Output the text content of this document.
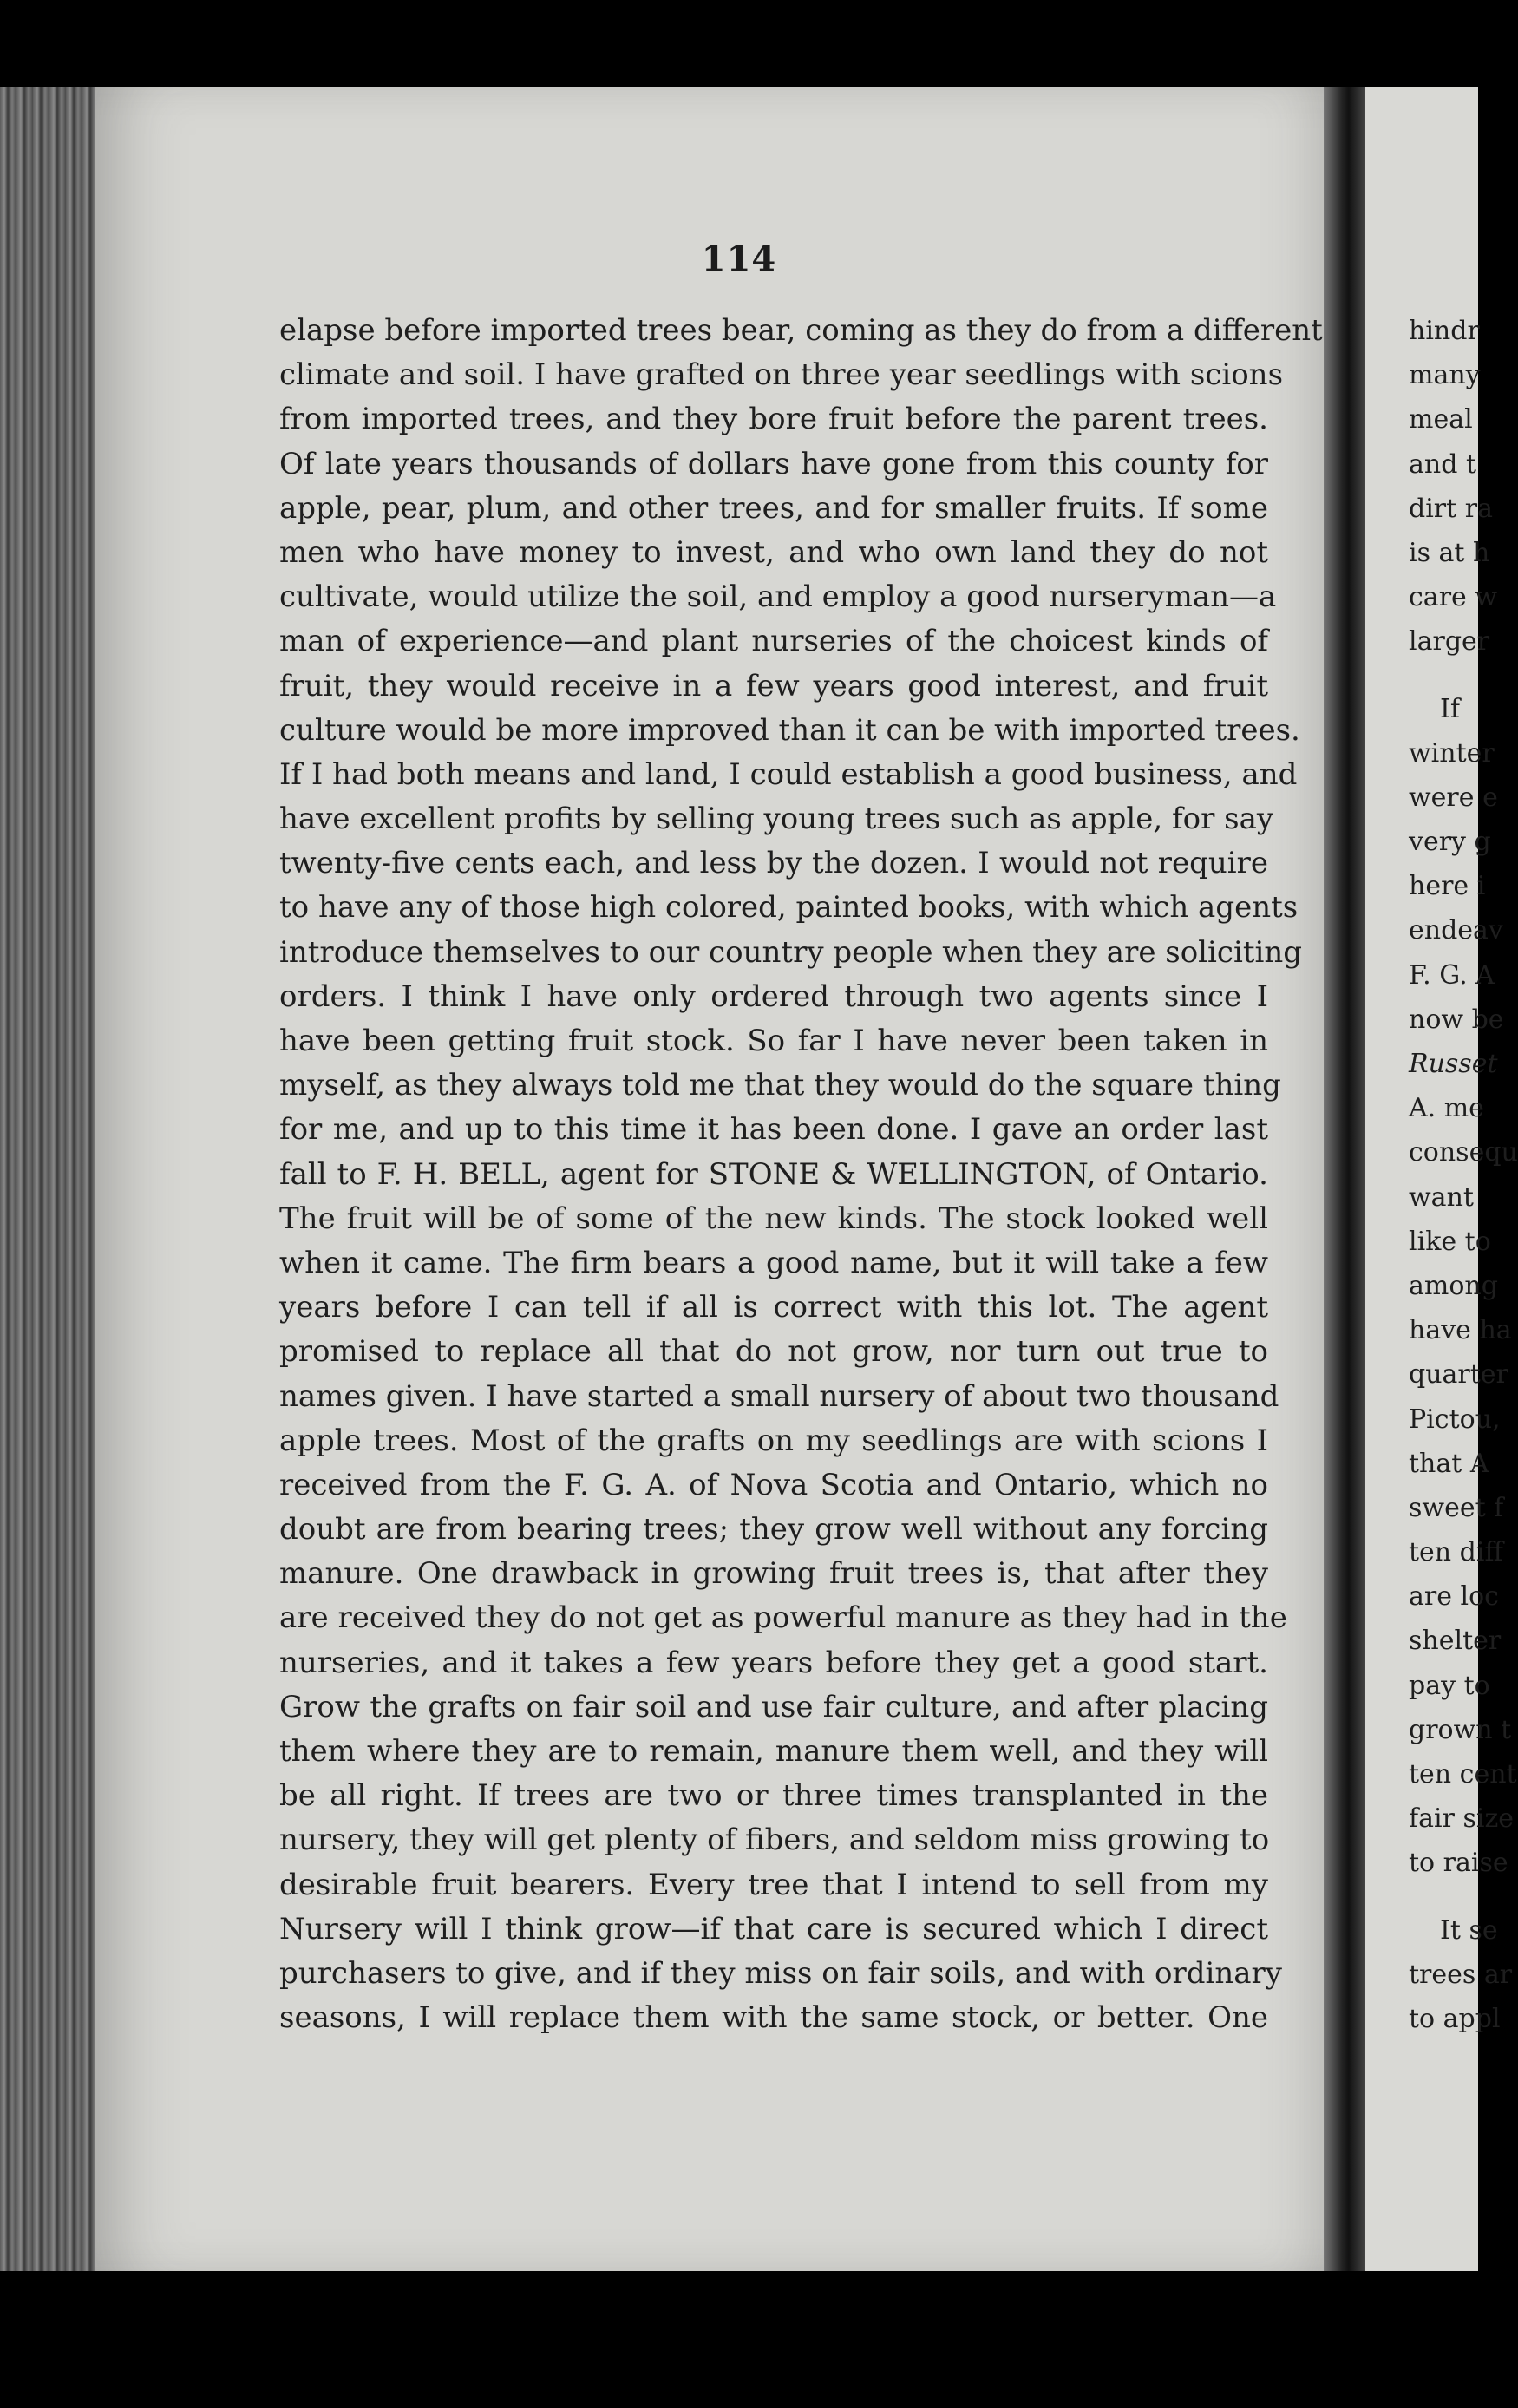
114
elapse before imported trees bear, coming as they do from a different
climate and soil. I have grafted on three year seedlings with scions
from imported trees, and they bore fruit before the parent trees.
Of late years thousands of dollars have gone from this county for
apple, pear, plum, and other trees, and for smaller fruits. If some
men who have money to invest, and who own land they do not
cultivate, would utilize the soil, and employ a good nurseryman—a
man of experience—and plant nurseries of the choicest kinds of
fruit, they would receive in a few years good interest, and fruit
culture would be more improved than it can be with imported trees.
If I had both means and land, I could establish a good business, and
have excellent profits by selling young trees such as apple, for say
twenty-five cents each, and less by the dozen. I would not require
to have any of those high colored, painted books, with which agents
introduce themselves to our country people when they are soliciting
orders. I think I have only ordered through two agents since I
have been getting fruit stock. So far I have never been taken in
myself, as they always told me that they would do the square thing
for me, and up to this time it has been done. I gave an order last
fall to F. H. BELL, agent for STONE & WELLINGTON, of Ontario.
The fruit will be of some of the new kinds. The stock looked well
when it came. The firm bears a good name, but it will take a few
years before I can tell if all is correct with this lot. The agent
promised to replace all that do not grow, nor turn out true to
names given. I have started a small nursery of about two thousand
apple trees. Most of the grafts on my seedlings are with scions I
received from the F. G. A. of Nova Scotia and Ontario, which no
doubt are from bearing trees; they grow well without any forcing
manure. One drawback in growing fruit trees is, that after they
are received they do not get as powerful manure as they had in the
nurseries, and it takes a few years before they get a good start.
Grow the grafts on fair soil and use fair culture, and after placing
them where they are to remain, manure them well, and they will
be all right. If trees are two or three times transplanted in the
nursery, they will get plenty of fibers, and seldom miss growing to
desirable fruit bearers. Every tree that I intend to sell from my
Nursery will I think grow—if that care is secured which I direct
purchasers to give, and if they miss on fair soils, and with ordinary
seasons, I will replace them with the same stock, or better. One
hindr
many
meal
and t
dirt ra
is at h
care w
larger
If
winter
were e
very g
here i
endeav
F. G. A
now be
Russet
A. me
consequ
want
like to
among
have ha
quarter
Pictou,
that A
sweet f
ten diff
are loc
shelter
pay to
grown t
ten cent
fair size
to raise
It se
trees ar
to appl
